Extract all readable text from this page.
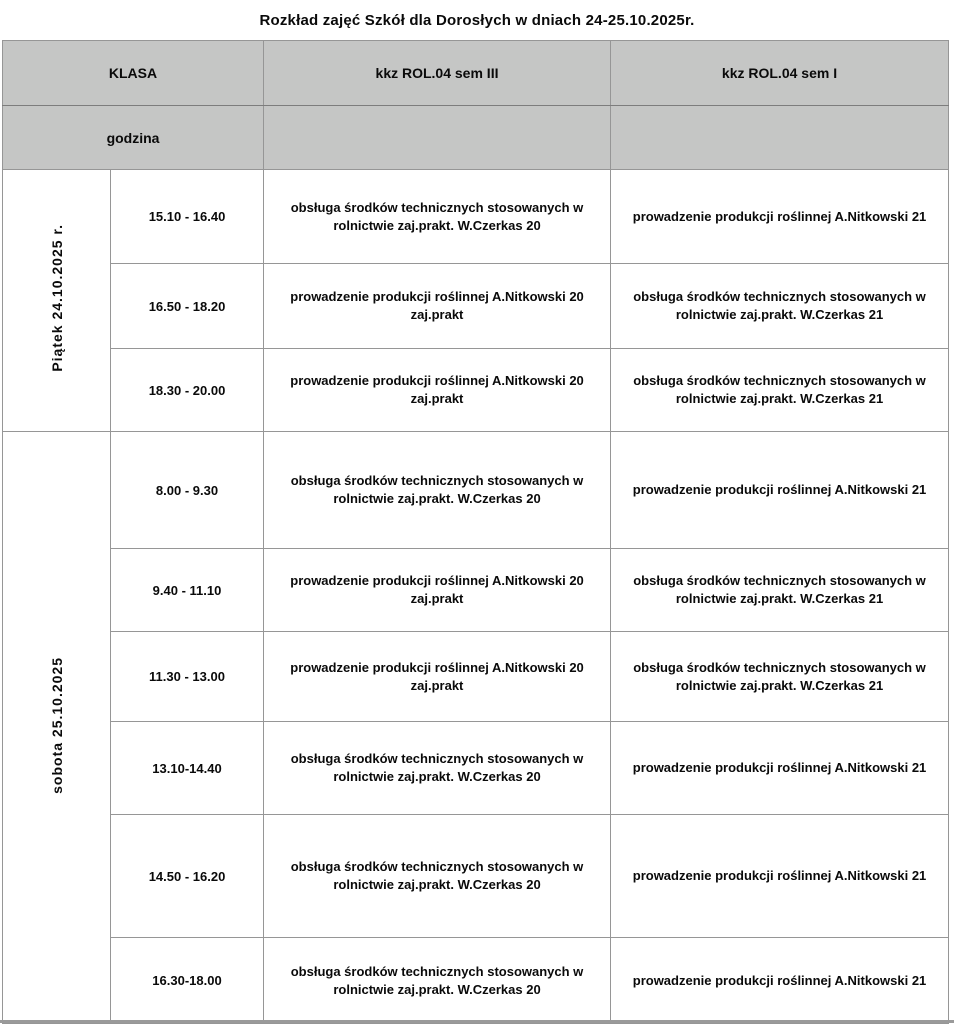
Rozkład zajęć Szkół dla Dorosłych w dniach 24-25.10.2025r.
KLASA		kkz ROL.04 sem III	kkz ROL.04 sem I
godzina			
Piątek 24.10.2025 r.	15.10 - 16.40	obsługa środków technicznych stosowanych w rolnictwie zaj.prakt. W.Czerkas 20	prowadzenie produkcji roślinnej A.Nitkowski 21
	16.50 - 18.20	prowadzenie produkcji roślinnej A.Nitkowski 20 zaj.prakt	obsługa środków technicznych stosowanych w rolnictwie zaj.prakt. W.Czerkas 21
	18.30 - 20.00	prowadzenie produkcji roślinnej A.Nitkowski 20 zaj.prakt	obsługa środków technicznych stosowanych w rolnictwie zaj.prakt. W.Czerkas 21
sobota 25.10.2025	8.00 - 9.30	obsługa środków technicznych stosowanych w rolnictwie zaj.prakt. W.Czerkas 20	prowadzenie produkcji roślinnej A.Nitkowski 21
	9.40 - 11.10	prowadzenie produkcji roślinnej A.Nitkowski 20 zaj.prakt	obsługa środków technicznych stosowanych w rolnictwie zaj.prakt. W.Czerkas 21
	11.30 - 13.00	prowadzenie produkcji roślinnej A.Nitkowski 20 zaj.prakt	obsługa środków technicznych stosowanych w rolnictwie zaj.prakt. W.Czerkas 21
	13.10-14.40	obsługa środków technicznych stosowanych w rolnictwie zaj.prakt. W.Czerkas 20	prowadzenie produkcji roślinnej A.Nitkowski 21
	14.50 - 16.20	obsługa środków technicznych stosowanych w rolnictwie zaj.prakt. W.Czerkas 20	prowadzenie produkcji roślinnej A.Nitkowski 21
	16.30-18.00	obsługa środków technicznych stosowanych w rolnictwie zaj.prakt. W.Czerkas 20	prowadzenie produkcji roślinnej A.Nitkowski 21
